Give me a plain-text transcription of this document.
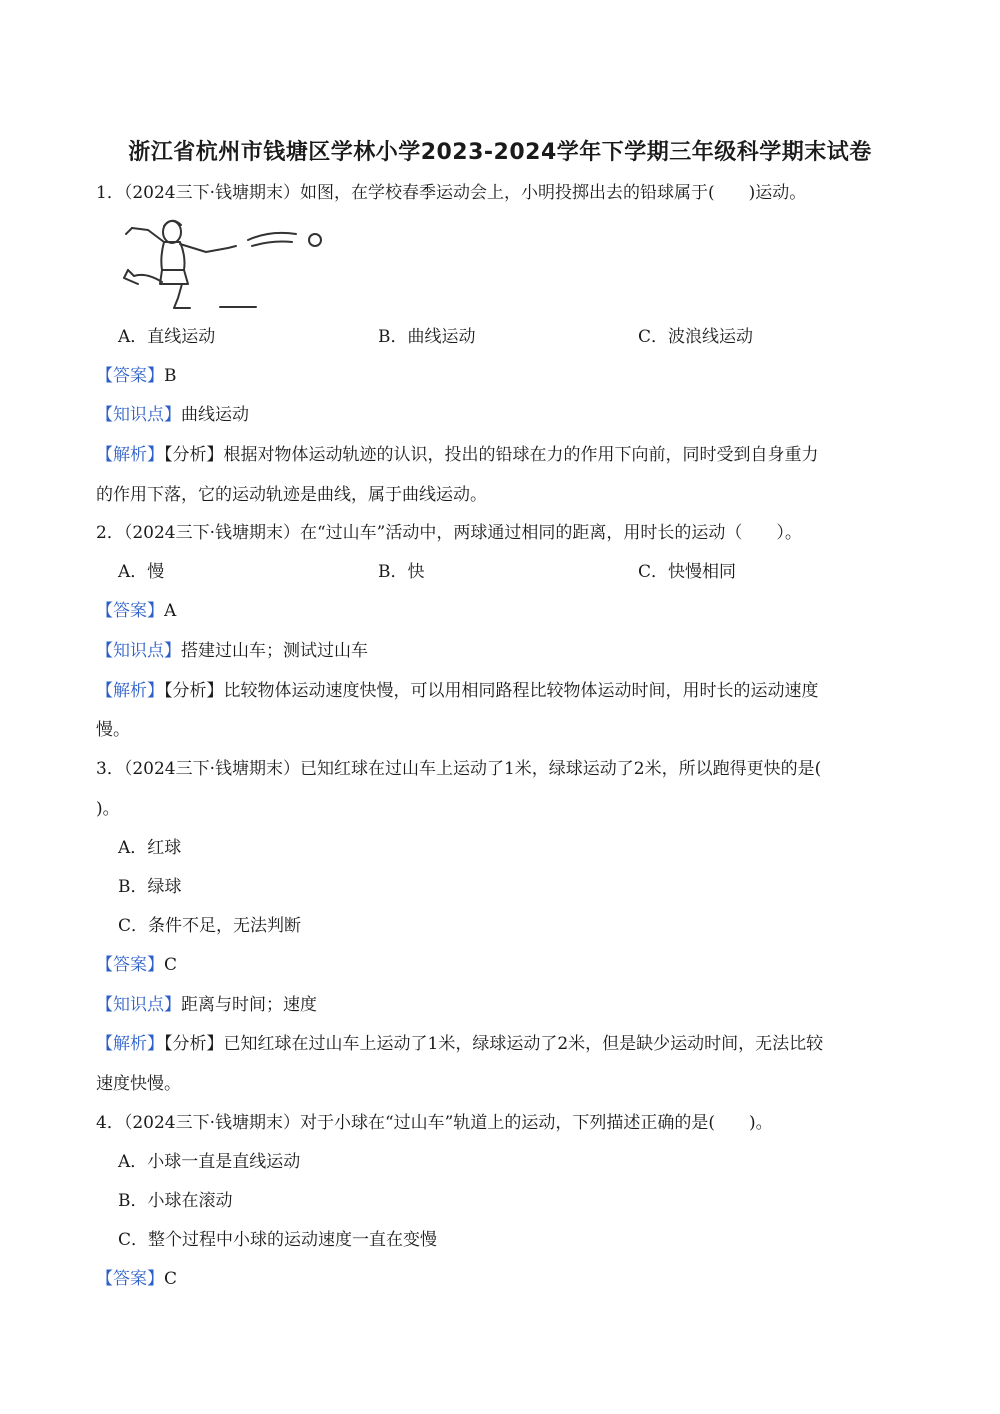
浙江省杭州市钱塘区学林小学2023-2024学年下学期三年级科学期末试卷
1．（2024三下·钱塘期末）如图，在学校春季运动会上，小明投掷出去的铅球属于(　　)运动。
A．直线运动	B．曲线运动	C．波浪线运动
【答案】B
【知识点】曲线运动
【解析】【分析】根据对物体运动轨迹的认识，投出的铅球在力的作用下向前，同时受到自身重力
的作用下落，它的运动轨迹是曲线，属于曲线运动。
2．（2024三下·钱塘期末）在“过山车”活动中，两球通过相同的距离，用时长的运动（　　）。
A．慢	B．快	C．快慢相同
【答案】A
【知识点】搭建过山车；测试过山车
【解析】【分析】比较物体运动速度快慢，可以用相同路程比较物体运动时间，用时长的运动速度
慢。
3．（2024三下·钱塘期末）已知红球在过山车上运动了1米，绿球运动了2米，所以跑得更快的是(
)。
A．红球
B．绿球
C．条件不足，无法判断
【答案】C
【知识点】距离与时间；速度
【解析】【分析】已知红球在过山车上运动了1米，绿球运动了2米，但是缺少运动时间，无法比较
速度快慢。
4．（2024三下·钱塘期末）对于小球在“过山车”轨道上的运动，下列描述正确的是(　　)。
A．小球一直是直线运动
B．小球在滚动
C．整个过程中小球的运动速度一直在变慢
【答案】C
